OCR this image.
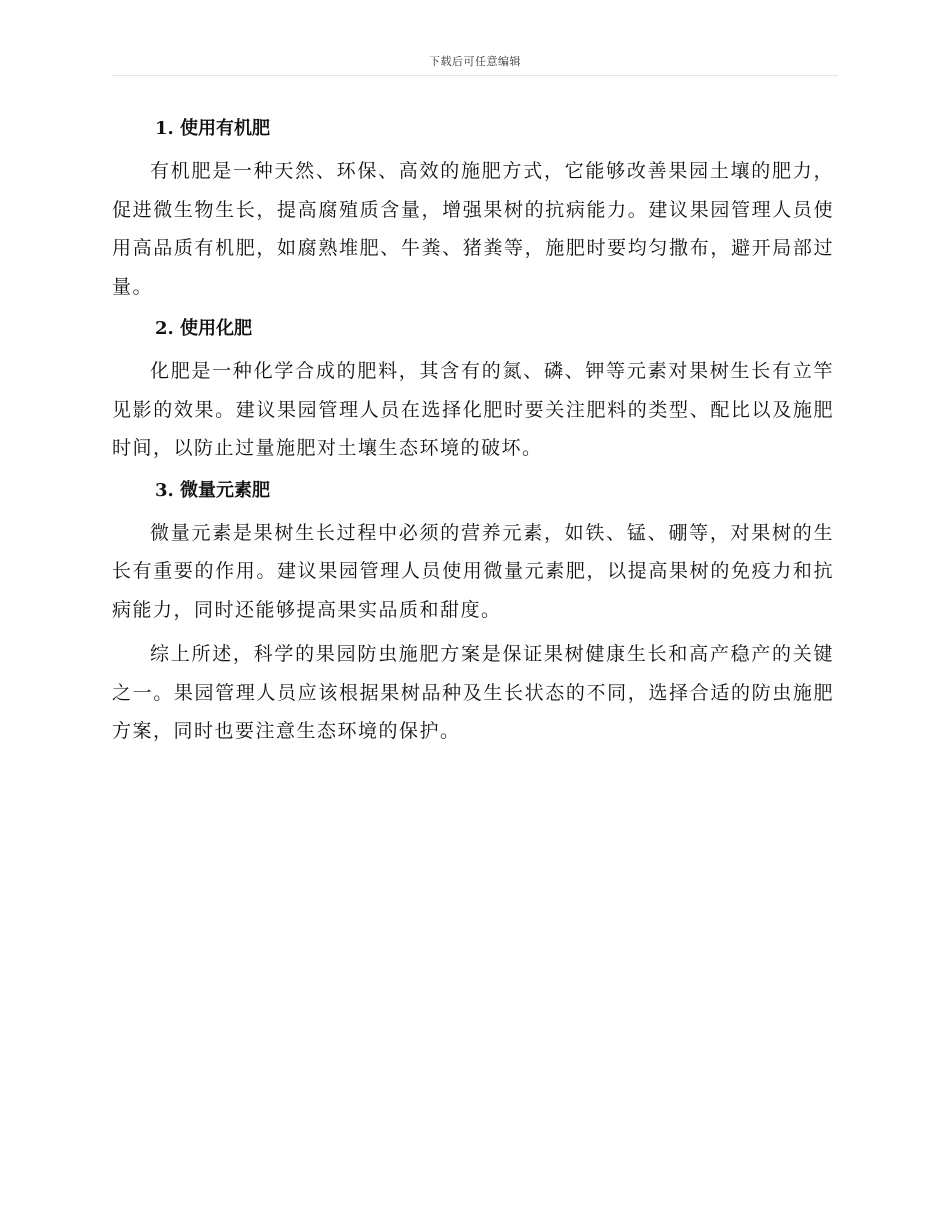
下载后可任意编辑
1. 使用有机肥

有机肥是一种天然、环保、高效的施肥方式，它能够改善果园土壤的肥力，促进微生物生长，提高腐殖质含量，增强果树的抗病能力。建议果园管理人员使用高品质有机肥，如腐熟堆肥、牛粪、猪粪等，施肥时要均匀撒布，避开局部过量。

2. 使用化肥

化肥是一种化学合成的肥料，其含有的氮、磷、钾等元素对果树生长有立竿见影的效果。建议果园管理人员在选择化肥时要关注肥料的类型、配比以及施肥时间，以防止过量施肥对土壤生态环境的破坏。

3. 微量元素肥

微量元素是果树生长过程中必须的营养元素，如铁、锰、硼等，对果树的生长有重要的作用。建议果园管理人员使用微量元素肥，以提高果树的免疫力和抗病能力，同时还能够提高果实品质和甜度。

综上所述，科学的果园防虫施肥方案是保证果树健康生长和高产稳产的关键之一。果园管理人员应该根据果树品种及生长状态的不同，选择合适的防虫施肥方案，同时也要注意生态环境的保护。
